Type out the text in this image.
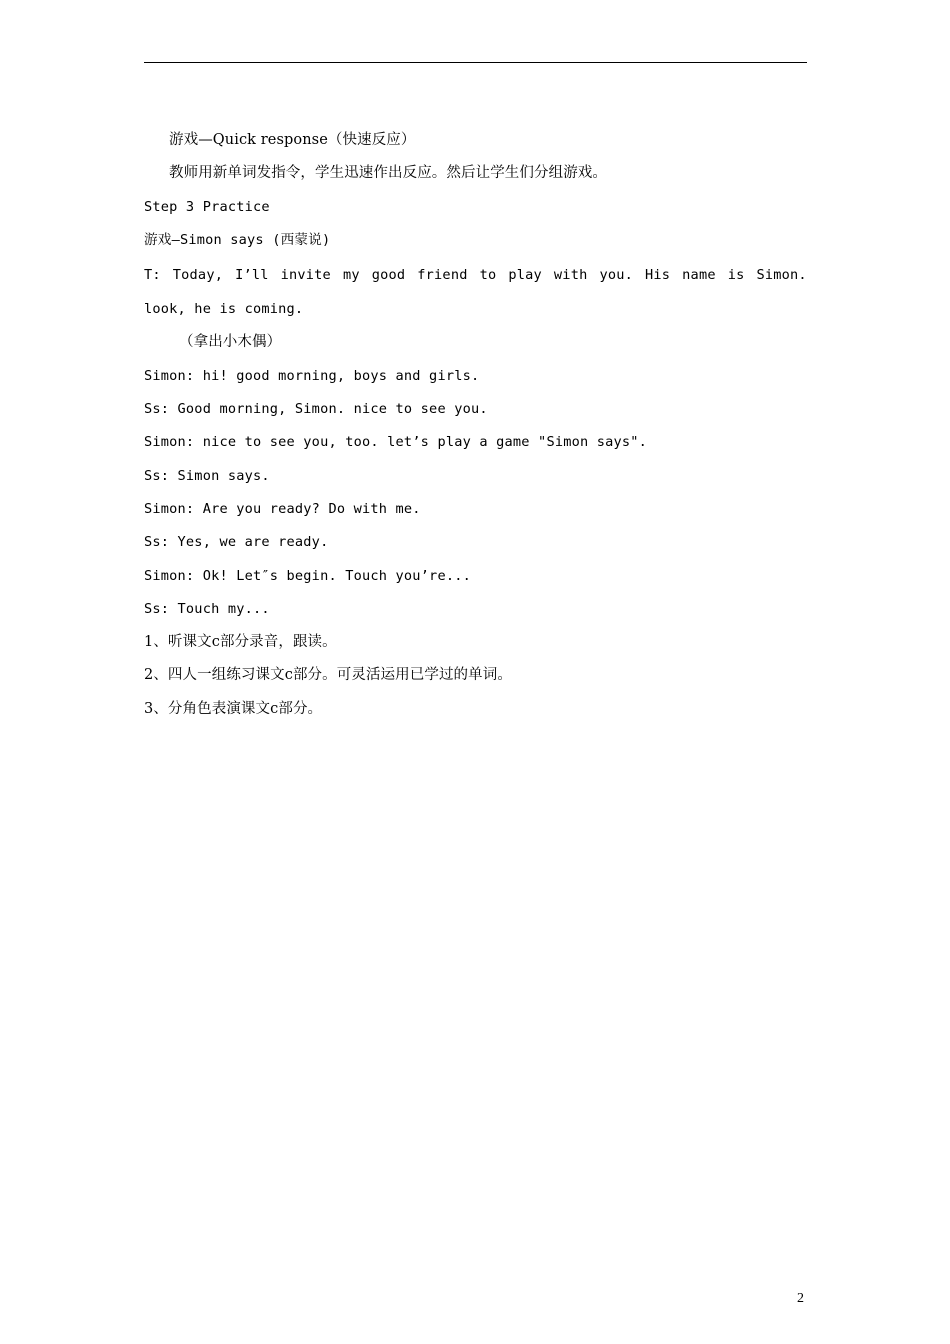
游戏—Quick response（快速反应）
教师用新单词发指令，学生迅速作出反应。然后让学生们分组游戏。
Step 3 Practice
游戏—Simon says (西蒙说)
T: Today, I’ll invite my good friend to play with you. His name is Simon.
look, he is coming.
（拿出小木偶）
Simon: hi! good morning, boys and girls.
Ss: Good morning, Simon. nice to see you.
Simon: nice to see you, too. let’s play a game "Simon says".
Ss: Simon says.
Simon: Are you ready? Do with me.
Ss: Yes, we are ready.
Simon: Ok! Let″s begin. Touch you’re...
Ss: Touch my...
1、听课文c部分录音，跟读。
2、四人一组练习课文c部分。可灵活运用已学过的单词。
3、分角色表演课文c部分。
2
